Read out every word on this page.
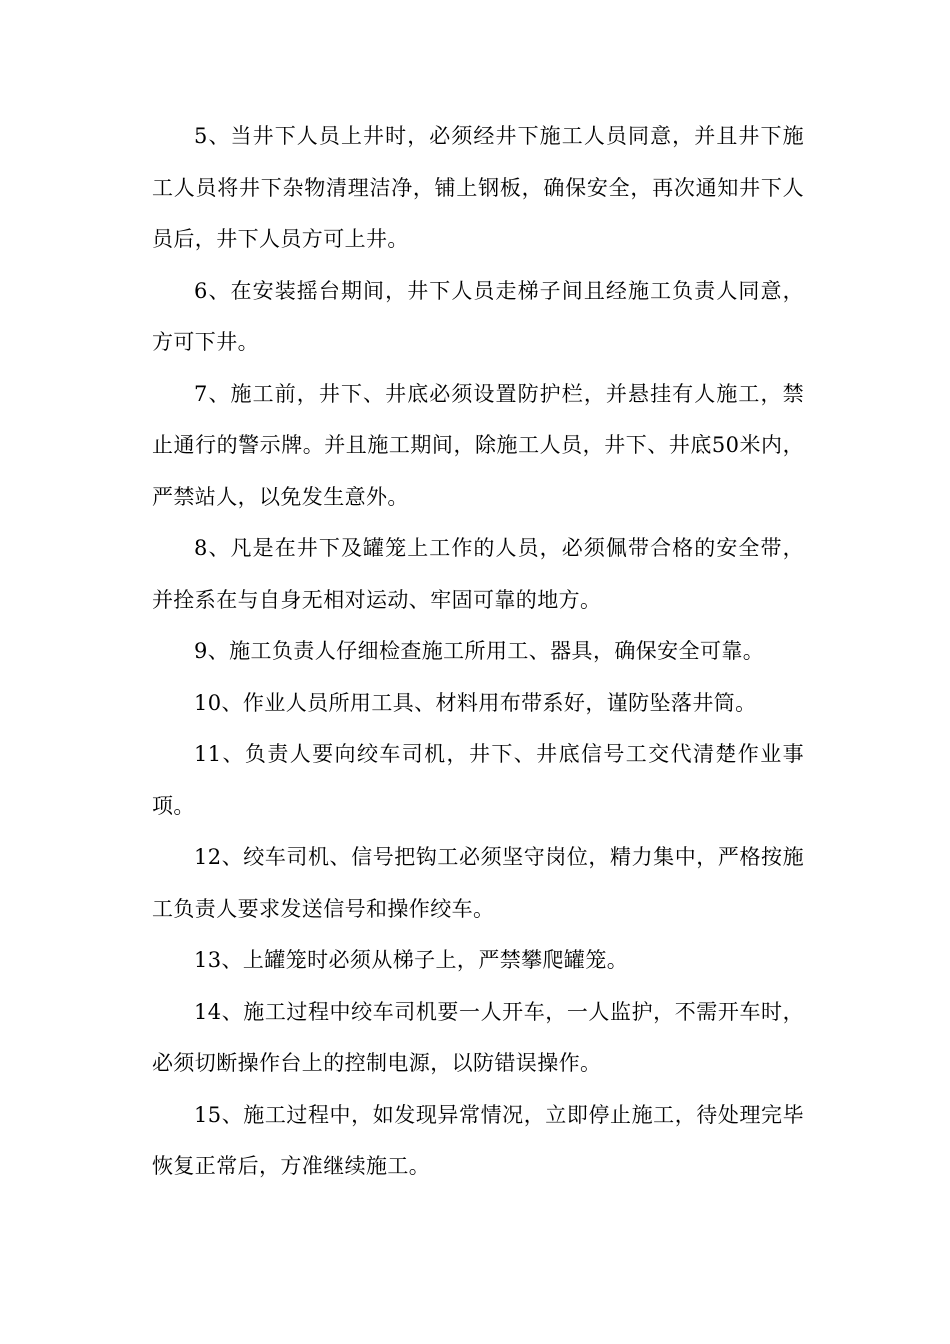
5、当井下人员上井时，必须经井下施工人员同意，并且井下施工人员将井下杂物清理洁净，铺上钢板，确保安全，再次通知井下人员后，井下人员方可上井。

6、在安装摇台期间，井下人员走梯子间且经施工负责人同意，方可下井。

7、施工前，井下、井底必须设置防护栏，并悬挂有人施工，禁止通行的警示牌。并且施工期间，除施工人员，井下、井底50米内，严禁站人，以免发生意外。

8、凡是在井下及罐笼上工作的人员，必须佩带合格的安全带，并拴系在与自身无相对运动、牢固可靠的地方。

9、施工负责人仔细检查施工所用工、器具，确保安全可靠。

10、作业人员所用工具、材料用布带系好，谨防坠落井筒。

11、负责人要向绞车司机，井下、井底信号工交代清楚作业事项。

12、绞车司机、信号把钩工必须坚守岗位，精力集中，严格按施工负责人要求发送信号和操作绞车。

13、上罐笼时必须从梯子上，严禁攀爬罐笼。

14、施工过程中绞车司机要一人开车，一人监护，不需开车时，必须切断操作台上的控制电源，以防错误操作。

15、施工过程中，如发现异常情况，立即停止施工，待处理完毕恢复正常后，方准继续施工。
